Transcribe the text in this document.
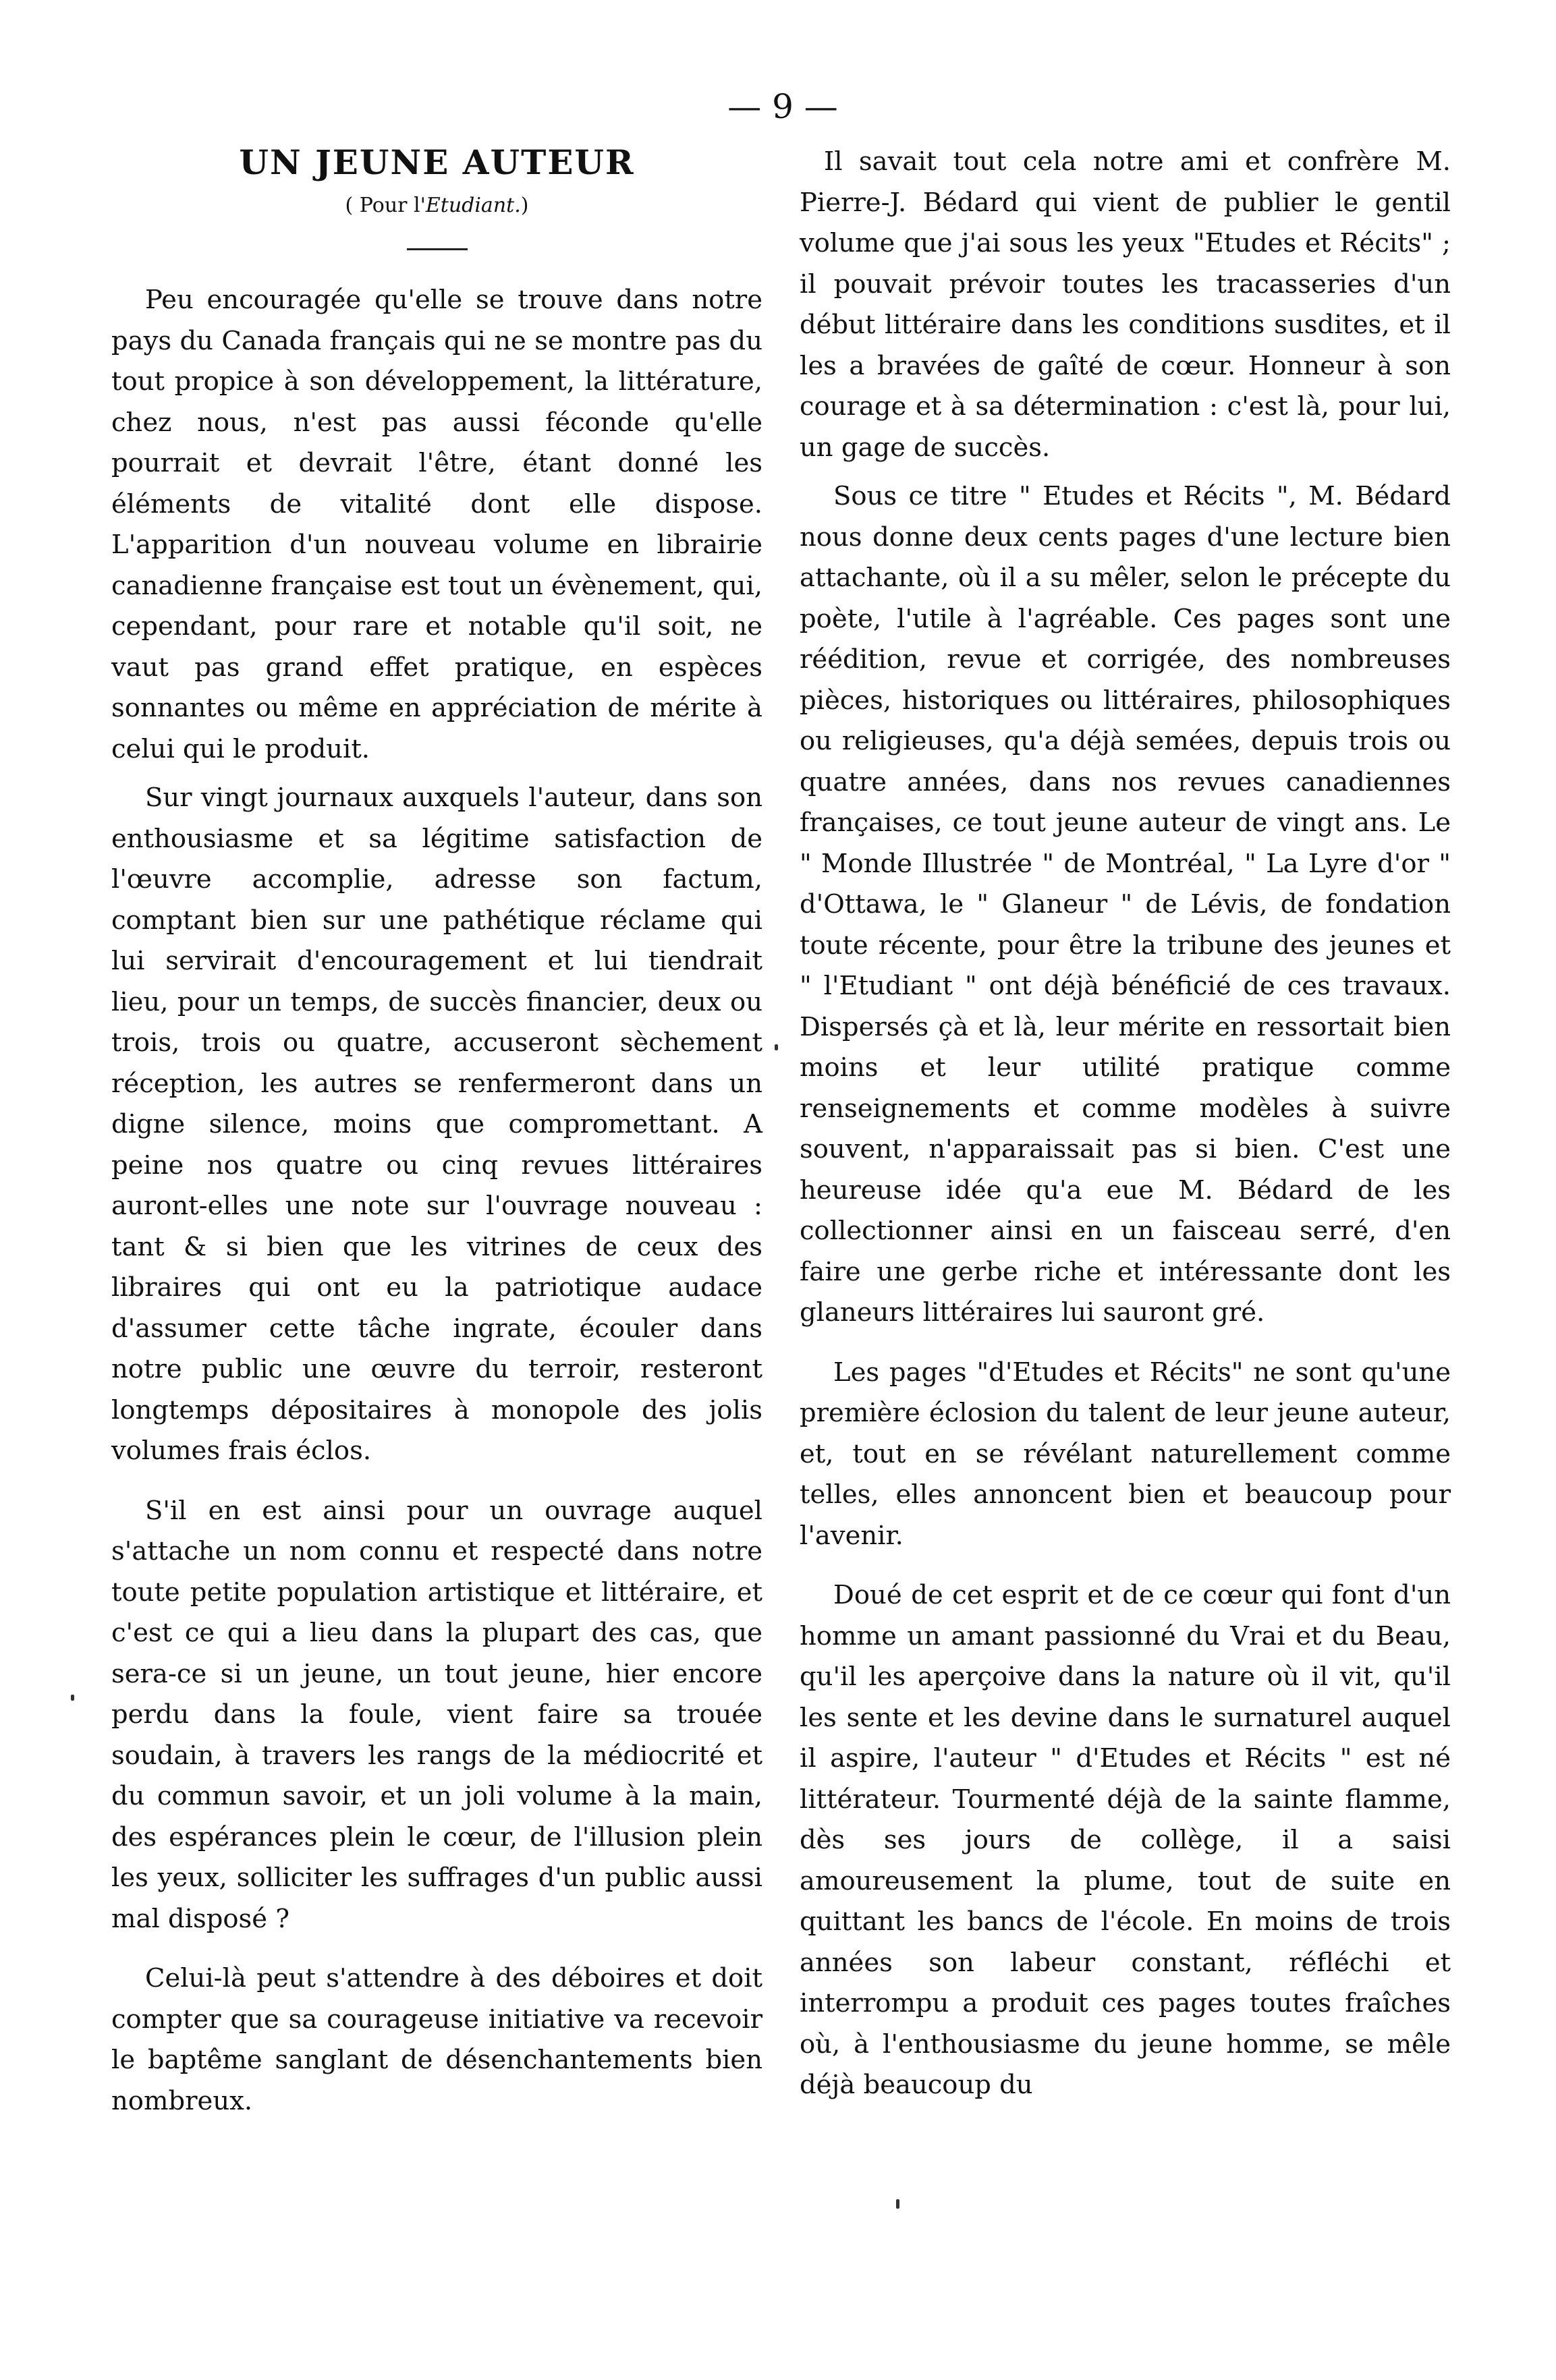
— 9 —
UN JEUNE AUTEUR
( Pour l'Etudiant.)

Peu encouragée qu'elle se trouve dans notre pays du Canada français qui ne se montre pas du tout propice à son développement, la littérature, chez nous, n'est pas aussi féconde qu'elle pourrait et devrait l'être, étant donné les éléments de vitalité dont elle dispose. L'apparition d'un nouveau volume en librairie canadienne française est tout un évènement, qui, cependant, pour rare et notable qu'il soit, ne vaut pas grand effet pratique, en espèces sonnantes ou même en appréciation de mérite à celui qui le produit.

Sur vingt journaux auxquels l'auteur, dans son enthousiasme et sa légitime satisfaction de l'œuvre accomplie, adresse son factum, comptant bien sur une pathétique réclame qui lui servirait d'encouragement et lui tiendrait lieu, pour un temps, de succès financier, deux ou trois, trois ou quatre, accuseront sèchement réception, les autres se renfermeront dans un digne silence, moins que compromettant. A peine nos quatre ou cinq revues littéraires auront-elles une note sur l'ouvrage nouveau : tant & si bien que les vitrines de ceux des libraires qui ont eu la patriotique audace d'assumer cette tâche ingrate, écouler dans notre public une œuvre du terroir, resteront longtemps dépositaires à monopole des jolis volumes frais éclos.

S'il en est ainsi pour un ouvrage auquel s'attache un nom connu et respecté dans notre toute petite population artistique et littéraire, et c'est ce qui a lieu dans la plupart des cas, que sera-ce si un jeune, un tout jeune, hier encore perdu dans la foule, vient faire sa trouée soudain, à travers les rangs de la médiocrité et du commun savoir, et un joli volume à la main, des espérances plein le cœur, de l'illusion plein les yeux, solliciter les suffrages d'un public aussi mal disposé ?

Celui-là peut s'attendre à des déboires et doit compter que sa courageuse initiative va recevoir le baptême sanglant de désenchantements bien nombreux.

Il savait tout cela notre ami et confrère M. Pierre-J. Bédard qui vient de publier le gentil volume que j'ai sous les yeux "Etudes et Récits" ; il pouvait prévoir toutes les tracasseries d'un début littéraire dans les conditions susdites, et il les a bravées de gaîté de cœur. Honneur à son courage et à sa détermination : c'est là, pour lui, un gage de succès.

Sous ce titre " Etudes et Récits ", M. Bédard nous donne deux cents pages d'une lecture bien attachante, où il a su mêler, selon le précepte du poète, l'utile à l'agréable. Ces pages sont une réédition, revue et corrigée, des nombreuses pièces, historiques ou littéraires, philosophiques ou religieuses, qu'a déjà semées, depuis trois ou quatre années, dans nos revues canadiennes françaises, ce tout jeune auteur de vingt ans. Le " Monde Illustrée " de Montréal, " La Lyre d'or " d'Ottawa, le " Glaneur " de Lévis, de fondation toute récente, pour être la tribune des jeunes et " l'Etudiant " ont déjà bénéficié de ces travaux. Dispersés çà et là, leur mérite en ressortait bien moins et leur utilité pratique comme renseignements et comme modèles à suivre souvent, n'apparaissait pas si bien. C'est une heureuse idée qu'a eue M. Bédard de les collectionner ainsi en un faisceau serré, d'en faire une gerbe riche et intéressante dont les glaneurs littéraires lui sauront gré.

Les pages "d'Etudes et Récits" ne sont qu'une première éclosion du talent de leur jeune auteur, et, tout en se révélant naturellement comme telles, elles annoncent bien et beaucoup pour l'avenir.

Doué de cet esprit et de ce cœur qui font d'un homme un amant passionné du Vrai et du Beau, qu'il les aperçoive dans la nature où il vit, qu'il les sente et les devine dans le surnaturel auquel il aspire, l'auteur " d'Etudes et Récits " est né littérateur. Tourmenté déjà de la sainte flamme, dès ses jours de collège, il a saisi amoureusement la plume, tout de suite en quittant les bancs de l'école. En moins de trois années son labeur constant, réfléchi et interrompu a produit ces pages toutes fraîches où, à l'enthousiasme du jeune homme, se mêle déjà beaucoup du
